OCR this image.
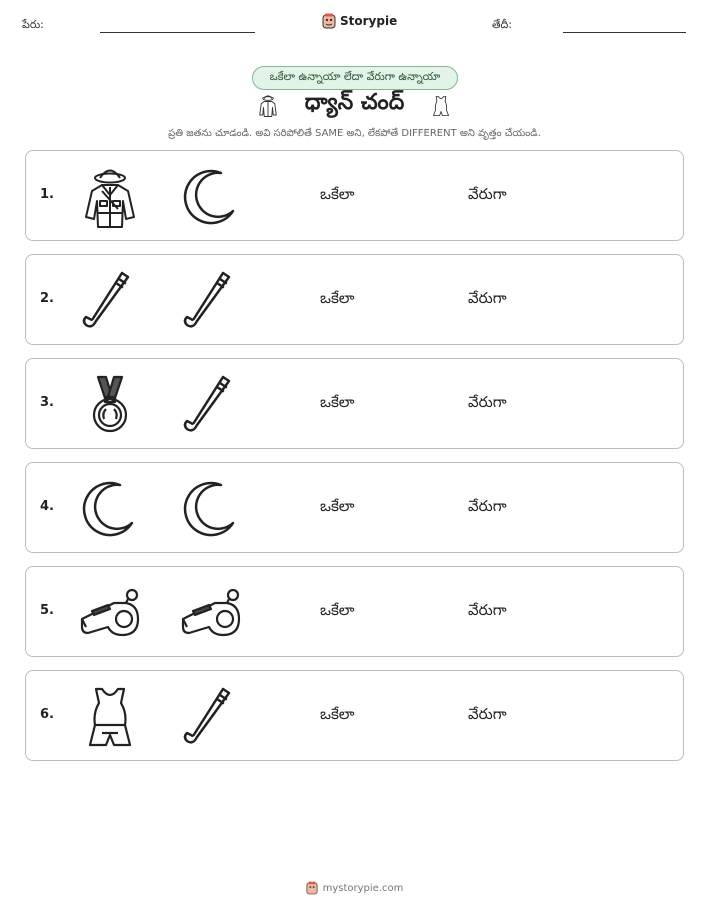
పేరు:	Storypie	తేదీ:
ఒకేలా ఉన్నాయా లేదా వేరుగా ఉన్నాయా
ధ్యాన్ చంద్
ప్రతి జతను చూడండి. అవి సరిపోలితే SAME అని, లేకపోతే DIFFERENT అని వృత్తం చేయండి.
1.	ఒకేలా	వేరుగా
2.	ఒకేలా	వేరుగా
3.	ఒకేలా	వేరుగా
4.	ఒకేలా	వేరుగా
5.	ఒకేలా	వేరుగా
6.	ఒకేలా	వేరుగా
mystorypie.com
